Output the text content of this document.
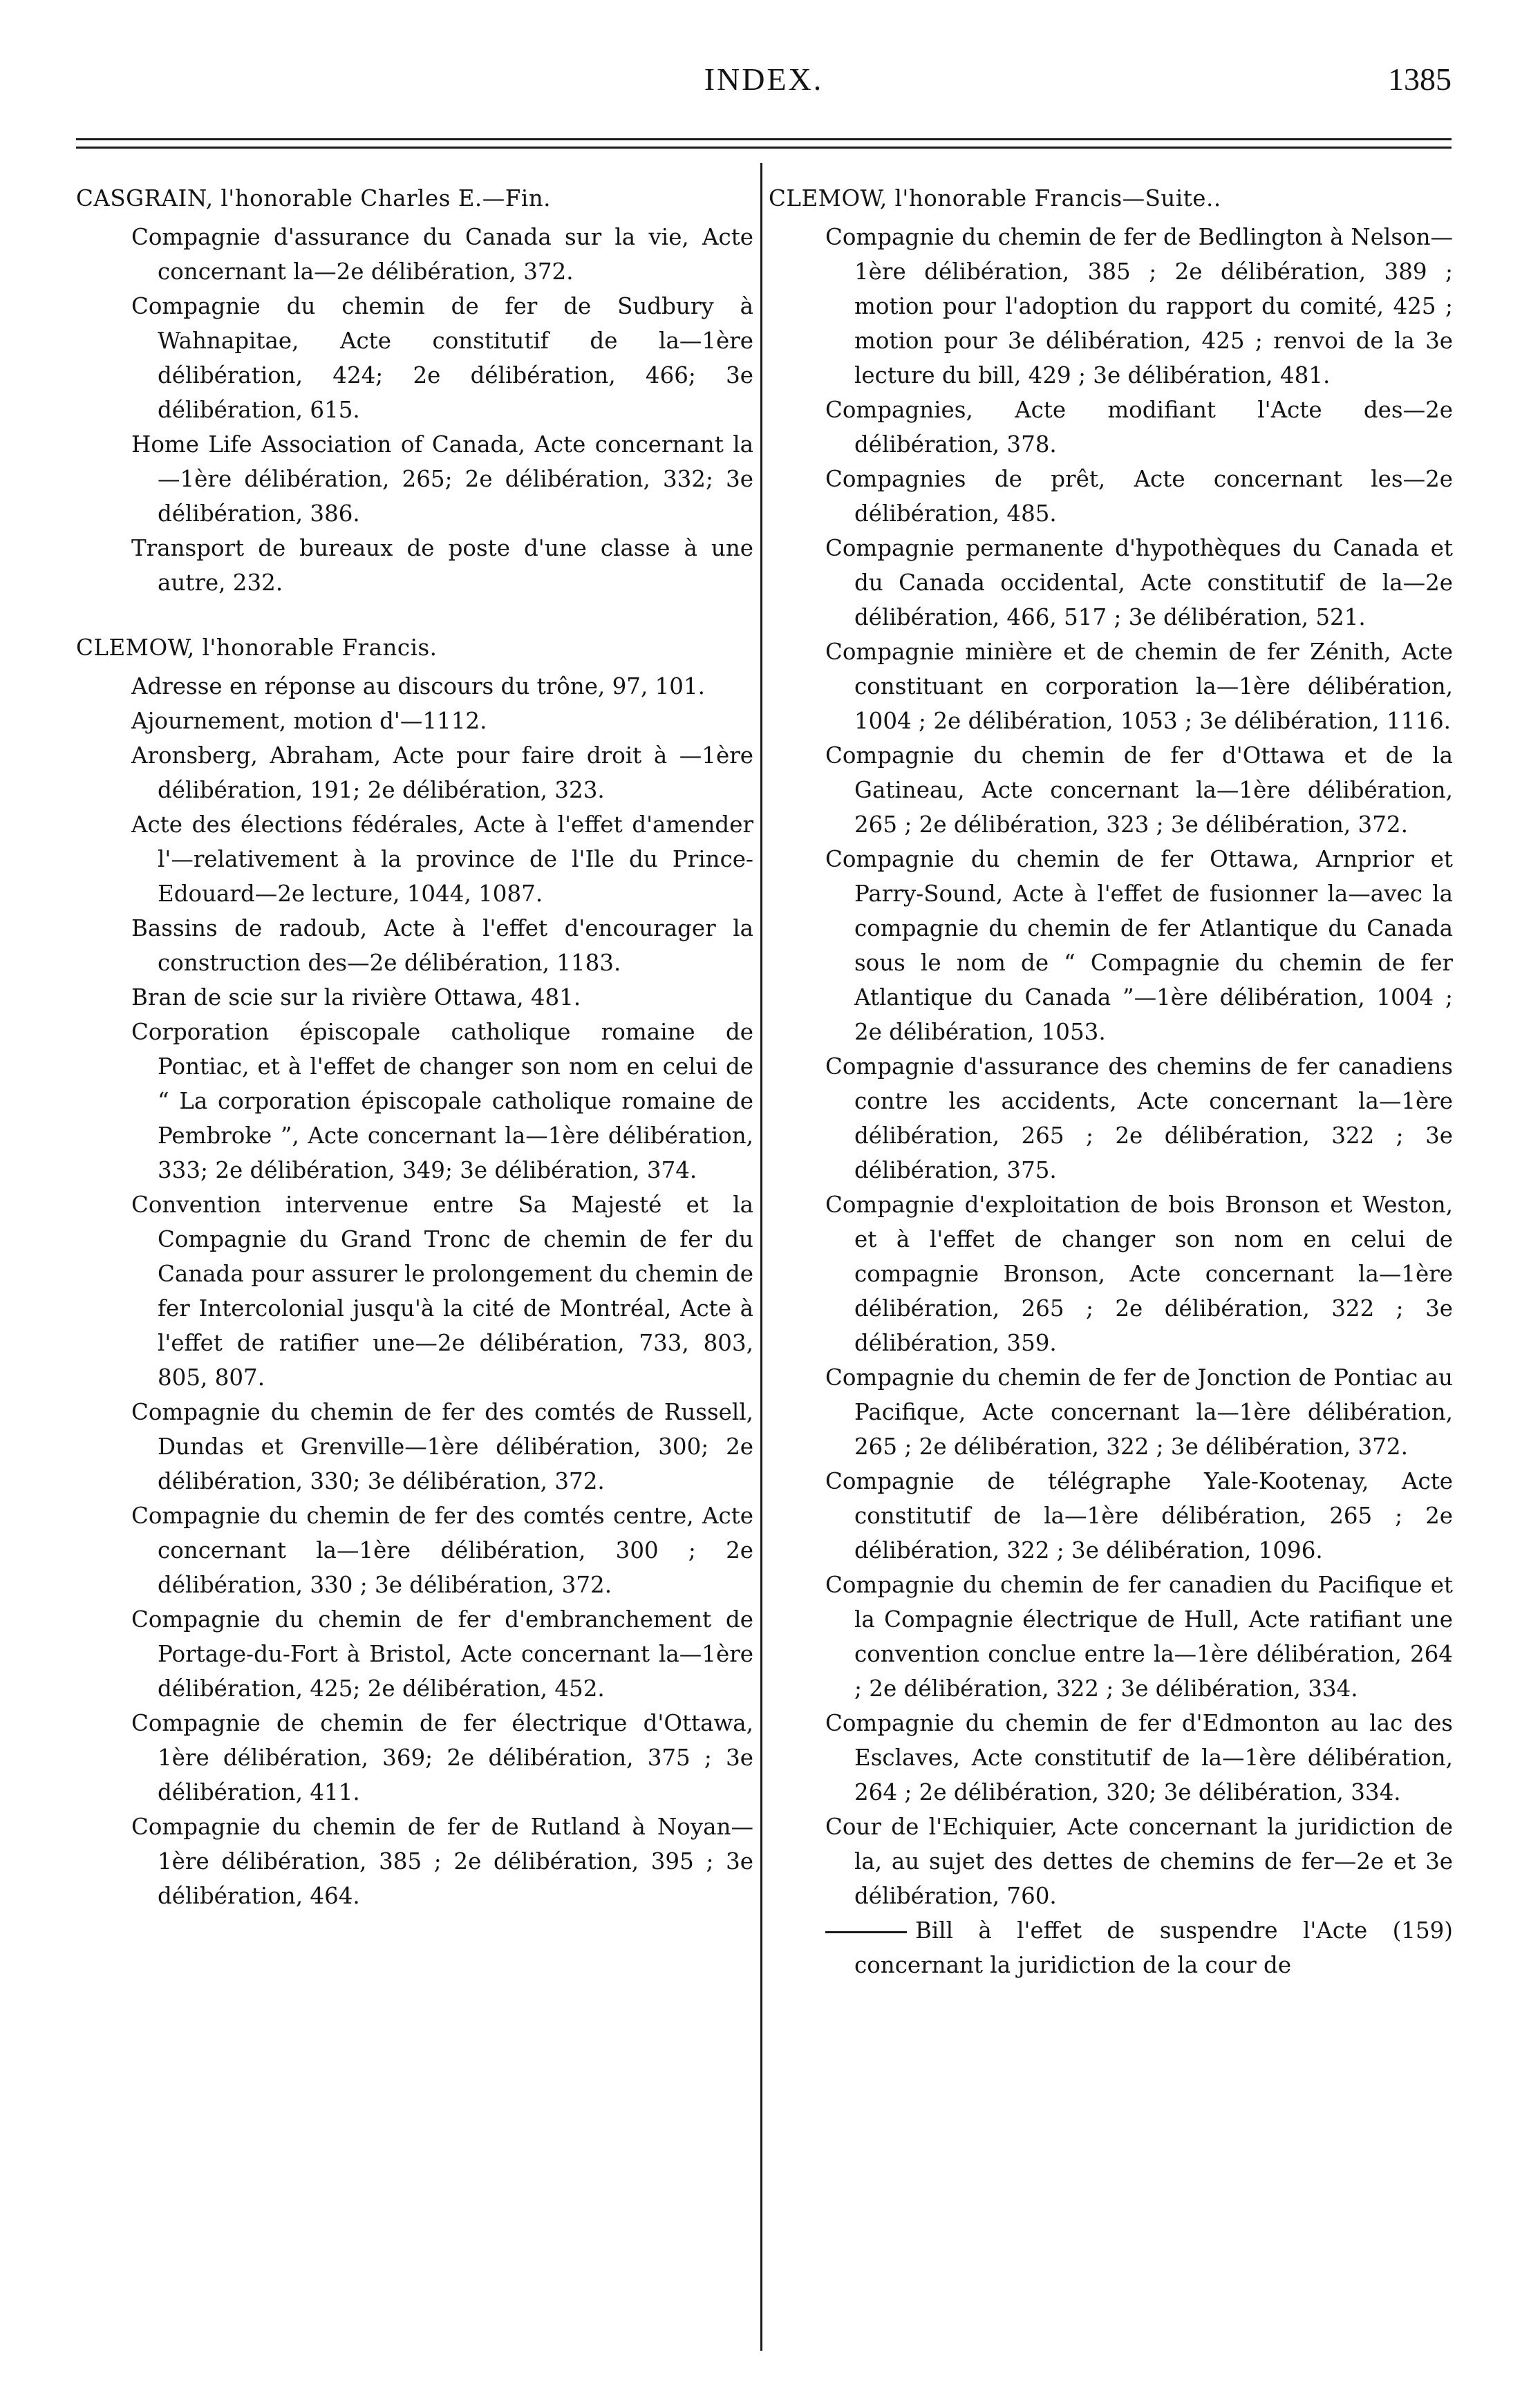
INDEX.	1385
CASGRAIN, l'honorable Charles E.—Fin.
Compagnie d'assurance du Canada sur la vie, Acte concernant la—2e délibération, 372.
Compagnie du chemin de fer de Sudbury à Wahnapitae, Acte constitutif de la—1ère délibération, 424; 2e délibération, 466; 3e délibération, 615.
Home Life Association of Canada, Acte concernant la—1ère délibération, 265; 2e délibération, 332; 3e délibération, 386.
Transport de bureaux de poste d'une classe à une autre, 232.
CLEMOW, l'honorable Francis.
Adresse en réponse au discours du trône, 97, 101.
Ajournement, motion d'—1112.
Aronsberg, Abraham, Acte pour faire droit à —1ère délibération, 191; 2e délibération, 323.
Acte des élections fédérales, Acte à l'effet d'amender l'—relativement à la province de l'Ile du Prince-Edouard—2e lecture, 1044, 1087.
Bassins de radoub, Acte à l'effet d'encourager la construction des—2e délibération, 1183.
Bran de scie sur la rivière Ottawa, 481.
Corporation épiscopale catholique romaine de Pontiac, et à l'effet de changer son nom en celui de “ La corporation épiscopale catholique romaine de Pembroke ”, Acte concernant la—1ère délibération, 333; 2e délibération, 349; 3e délibération, 374.
Convention intervenue entre Sa Majesté et la Compagnie du Grand Tronc de chemin de fer du Canada pour assurer le prolongement du chemin de fer Intercolonial jusqu'à la cité de Montréal, Acte à l'effet de ratifier une—2e délibération, 733, 803, 805, 807.
Compagnie du chemin de fer des comtés de Russell, Dundas et Grenville—1ère délibération, 300; 2e délibération, 330; 3e délibération, 372.
Compagnie du chemin de fer des comtés centre, Acte concernant la—1ère délibération, 300 ; 2e délibération, 330 ; 3e délibération, 372.
Compagnie du chemin de fer d'embranchement de Portage-du-Fort à Bristol, Acte concernant la—1ère délibération, 425; 2e délibération, 452.
Compagnie de chemin de fer électrique d'Ottawa, 1ère délibération, 369; 2e délibération, 375 ; 3e délibération, 411.
Compagnie du chemin de fer de Rutland à Noyan—1ère délibération, 385 ; 2e délibération, 395 ; 3e délibération, 464.
CLEMOW, l'honorable Francis—Suite..
Compagnie du chemin de fer de Bedlington à Nelson—1ère délibération, 385 ; 2e délibération, 389 ; motion pour l'adoption du rapport du comité, 425 ; motion pour 3e délibération, 425 ; renvoi de la 3e lecture du bill, 429 ; 3e délibération, 481.
Compagnies, Acte modifiant l'Acte des—2e délibération, 378.
Compagnies de prêt, Acte concernant les—2e délibération, 485.
Compagnie permanente d'hypothèques du Canada et du Canada occidental, Acte constitutif de la—2e délibération, 466, 517 ; 3e délibération, 521.
Compagnie minière et de chemin de fer Zénith, Acte constituant en corporation la—1ère délibération, 1004 ; 2e délibération, 1053 ; 3e délibération, 1116.
Compagnie du chemin de fer d'Ottawa et de la Gatineau, Acte concernant la—1ère délibération, 265 ; 2e délibération, 323 ; 3e délibération, 372.
Compagnie du chemin de fer Ottawa, Arnprior et Parry-Sound, Acte à l'effet de fusionner la—avec la compagnie du chemin de fer Atlantique du Canada sous le nom de “ Compagnie du chemin de fer Atlantique du Canada ”—1ère délibération, 1004 ; 2e délibération, 1053.
Compagnie d'assurance des chemins de fer canadiens contre les accidents, Acte concernant la—1ère délibération, 265 ; 2e délibération, 322 ; 3e délibération, 375.
Compagnie d'exploitation de bois Bronson et Weston, et à l'effet de changer son nom en celui de compagnie Bronson, Acte concernant la—1ère délibération, 265 ; 2e délibération, 322 ; 3e délibération, 359.
Compagnie du chemin de fer de Jonction de Pontiac au Pacifique, Acte concernant la—1ère délibération, 265 ; 2e délibération, 322 ; 3e délibération, 372.
Compagnie de télégraphe Yale-Kootenay, Acte constitutif de la—1ère délibération, 265 ; 2e délibération, 322 ; 3e délibération, 1096.
Compagnie du chemin de fer canadien du Pacifique et la Compagnie électrique de Hull, Acte ratifiant une convention conclue entre la—1ère délibération, 264 ; 2e délibération, 322 ; 3e délibération, 334.
Compagnie du chemin de fer d'Edmonton au lac des Esclaves, Acte constitutif de la—1ère délibération, 264 ; 2e délibération, 320; 3e délibération, 334.
Cour de l'Echiquier, Acte concernant la juridiction de la, au sujet des dettes de chemins de fer—2e et 3e délibération, 760.
Bill à l'effet de suspendre l'Acte (159) concernant la juridiction de la cour de
